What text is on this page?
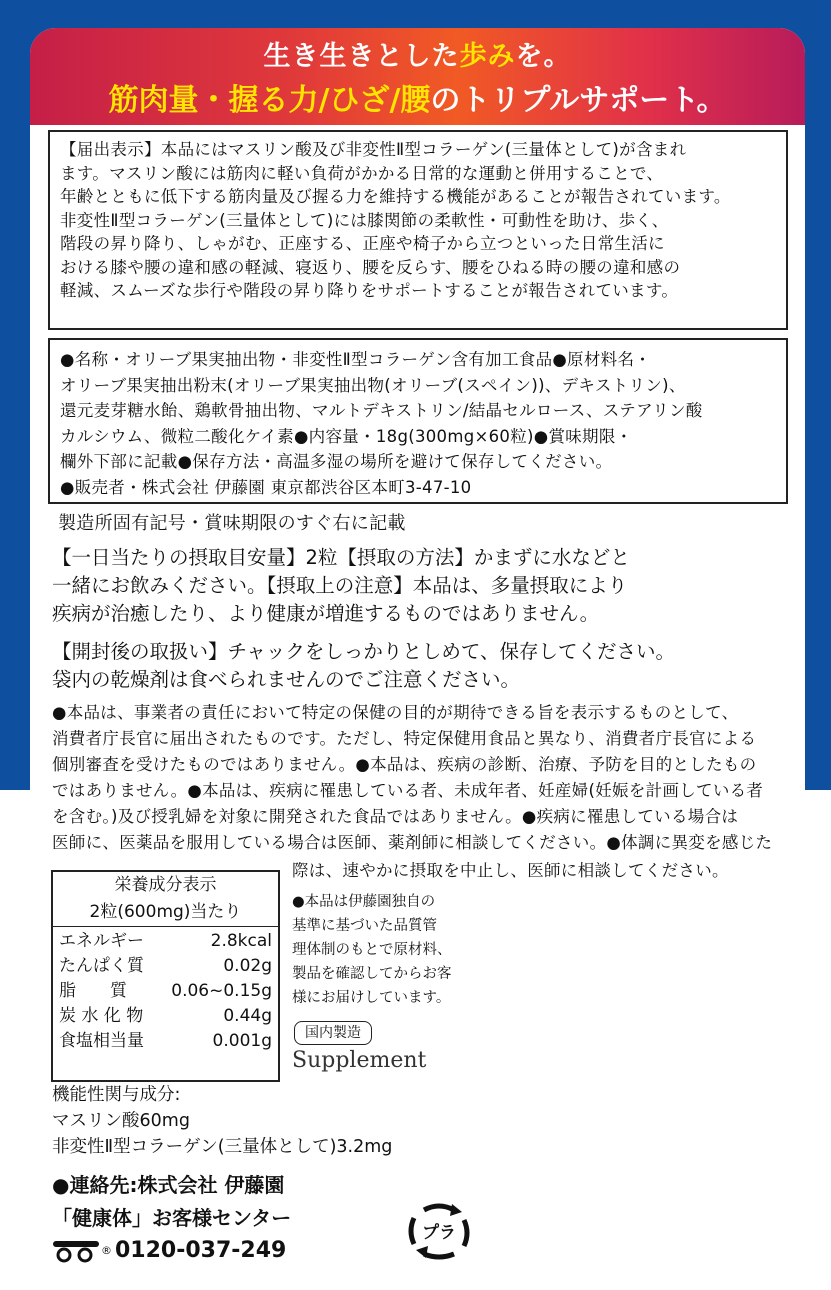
生き生きとした歩みを。
筋肉量・握る力/ひざ/腰のトリプルサポート。
【届出表示】本品にはマスリン酸及び非変性Ⅱ型コラーゲン(三量体として)が含まれ
ます。マスリン酸には筋肉に軽い負荷がかかる日常的な運動と併用することで、
年齢とともに低下する筋肉量及び握る力を維持する機能があることが報告されています。
非変性Ⅱ型コラーゲン(三量体として)には膝関節の柔軟性・可動性を助け、歩く、
階段の昇り降り、しゃがむ、正座する、正座や椅子から立つといった日常生活に
おける膝や腰の違和感の軽減、寝返り、腰を反らす、腰をひねる時の腰の違和感の
軽減、スムーズな歩行や階段の昇り降りをサポートすることが報告されています。
●名称・オリーブ果実抽出物・非変性Ⅱ型コラーゲン含有加工食品●原材料名・
オリーブ果実抽出粉末(オリーブ果実抽出物(オリーブ(スペイン))、デキストリン)、
還元麦芽糖水飴、鶏軟骨抽出物、マルトデキストリン/結晶セルロース、ステアリン酸
カルシウム、微粒二酸化ケイ素●内容量・18g(300mg×60粒)●賞味期限・
欄外下部に記載●保存方法・高温多湿の場所を避けて保存してください。
●販売者・株式会社 伊藤園 東京都渋谷区本町3-47-10
製造所固有記号・賞味期限のすぐ右に記載
【一日当たりの摂取目安量】2粒【摂取の方法】かまずに水などと
一緒にお飲みください。【摂取上の注意】本品は、多量摂取により
疾病が治癒したり、より健康が増進するものではありません。
【開封後の取扱い】チャックをしっかりとしめて、保存してください。
袋内の乾燥剤は食べられませんのでご注意ください。
●本品は、事業者の責任において特定の保健の目的が期待できる旨を表示するものとして、
消費者庁長官に届出されたものです。ただし、特定保健用食品と異なり、消費者庁長官による
個別審査を受けたものではありません。●本品は、疾病の診断、治療、予防を目的としたもの
ではありません。●本品は、疾病に罹患している者、未成年者、妊産婦(妊娠を計画している者
を含む。)及び授乳婦を対象に開発された食品ではありません。●疾病に罹患している場合は
医師に、医薬品を服用している場合は医師、薬剤師に相談してください。●体調に異変を感じた
際は、速やかに摂取を中止し、医師に相談してください。
栄養成分表示
2粒(600mg)当たり
エネルギー	2.8kcal
たんぱく質	0.02g
脂　　質	0.06~0.15g
炭 水 化 物	0.44g
食塩相当量	0.001g
●本品は伊藤園独自の
基準に基づいた品質管
理体制のもとで原材料、
製品を確認してからお客
様にお届けしています。
国内製造
Supplement
機能性関与成分:
マスリン酸60mg
非変性Ⅱ型コラーゲン(三量体として)3.2mg
●連絡先:株式会社 伊藤園
「健康体」お客様センター
® 0120-037-249
プラ
